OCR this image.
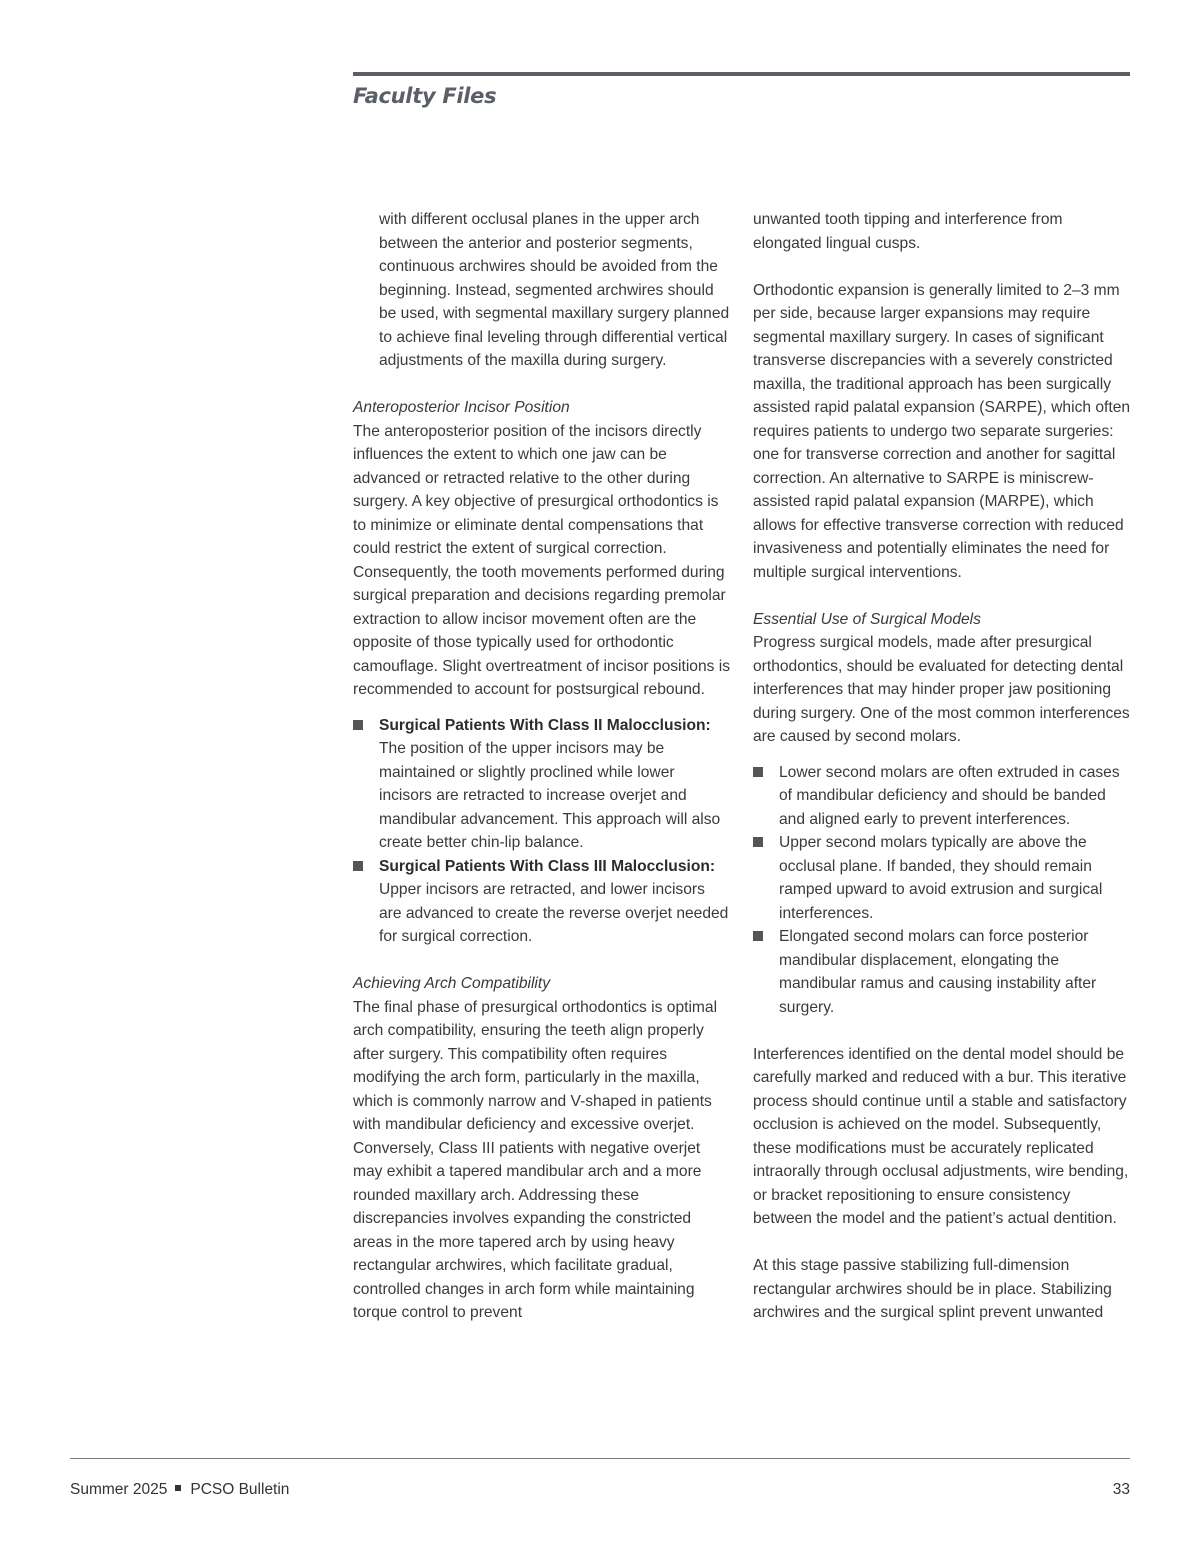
Faculty Files

with different occlusal planes in the upper arch between the anterior and posterior segments, continuous archwires should be avoided from the beginning. Instead, segmented archwires should be used, with segmental maxillary surgery planned to achieve final leveling through differential vertical adjustments of the maxilla during surgery.

Anteroposterior Incisor Position

The anteroposterior position of the incisors directly influences the extent to which one jaw can be advanced or retracted relative to the other during surgery. A key objective of presurgical orthodontics is to minimize or eliminate dental compensations that could restrict the extent of surgical correction. Consequently, the tooth movements performed during surgical preparation and decisions regarding premolar extraction to allow incisor movement often are the opposite of those typically used for orthodontic camouflage. Slight overtreatment of incisor positions is recommended to account for postsurgical rebound.

Surgical Patients With Class II Malocclusion: The position of the upper incisors may be maintained or slightly proclined while lower incisors are retracted to increase overjet and mandibular advancement. This approach will also create better chin-lip balance.
Surgical Patients With Class III Malocclusion: Upper incisors are retracted, and lower incisors are advanced to create the reverse overjet needed for surgical correction.

Achieving Arch Compatibility

The final phase of presurgical orthodontics is optimal arch compatibility, ensuring the teeth align properly after surgery. This compatibility often requires modifying the arch form, particularly in the maxilla, which is commonly narrow and V-shaped in patients with mandibular deficiency and excessive overjet. Conversely, Class III patients with negative overjet may exhibit a tapered mandibular arch and a more rounded maxillary arch. Addressing these discrepancies involves expanding the constricted areas in the more tapered arch by using heavy rectangular archwires, which facilitate gradual, controlled changes in arch form while maintaining torque control to prevent

unwanted tooth tipping and interference from elongated lingual cusps.

Orthodontic expansion is generally limited to 2–3 mm per side, because larger expansions may require segmental maxillary surgery. In cases of significant transverse discrepancies with a severely constricted maxilla, the traditional approach has been surgically assisted rapid palatal expansion (SARPE), which often requires patients to undergo two separate surgeries: one for transverse correction and another for sagittal correction. An alternative to SARPE is miniscrew-assisted rapid palatal expansion (MARPE), which allows for effective transverse correction with reduced invasiveness and potentially eliminates the need for multiple surgical interventions.

Essential Use of Surgical Models

Progress surgical models, made after presurgical orthodontics, should be evaluated for detecting dental interferences that may hinder proper jaw positioning during surgery. One of the most common interferences are caused by second molars.

Lower second molars are often extruded in cases of mandibular deficiency and should be banded and aligned early to prevent interferences.
Upper second molars typically are above the occlusal plane. If banded, they should remain ramped upward to avoid extrusion and surgical interferences.
Elongated second molars can force posterior mandibular displacement, elongating the mandibular ramus and causing instability after surgery.

Interferences identified on the dental model should be carefully marked and reduced with a bur. This iterative process should continue until a stable and satisfactory occlusion is achieved on the model. Subsequently, these modifications must be accurately replicated intraorally through occlusal adjustments, wire bending, or bracket repositioning to ensure consistency between the model and the patient’s actual dentition.

At this stage passive stabilizing full-dimension rectangular archwires should be in place. Stabilizing archwires and the surgical splint prevent unwanted

Summer 2025 PCSO Bulletin	33
